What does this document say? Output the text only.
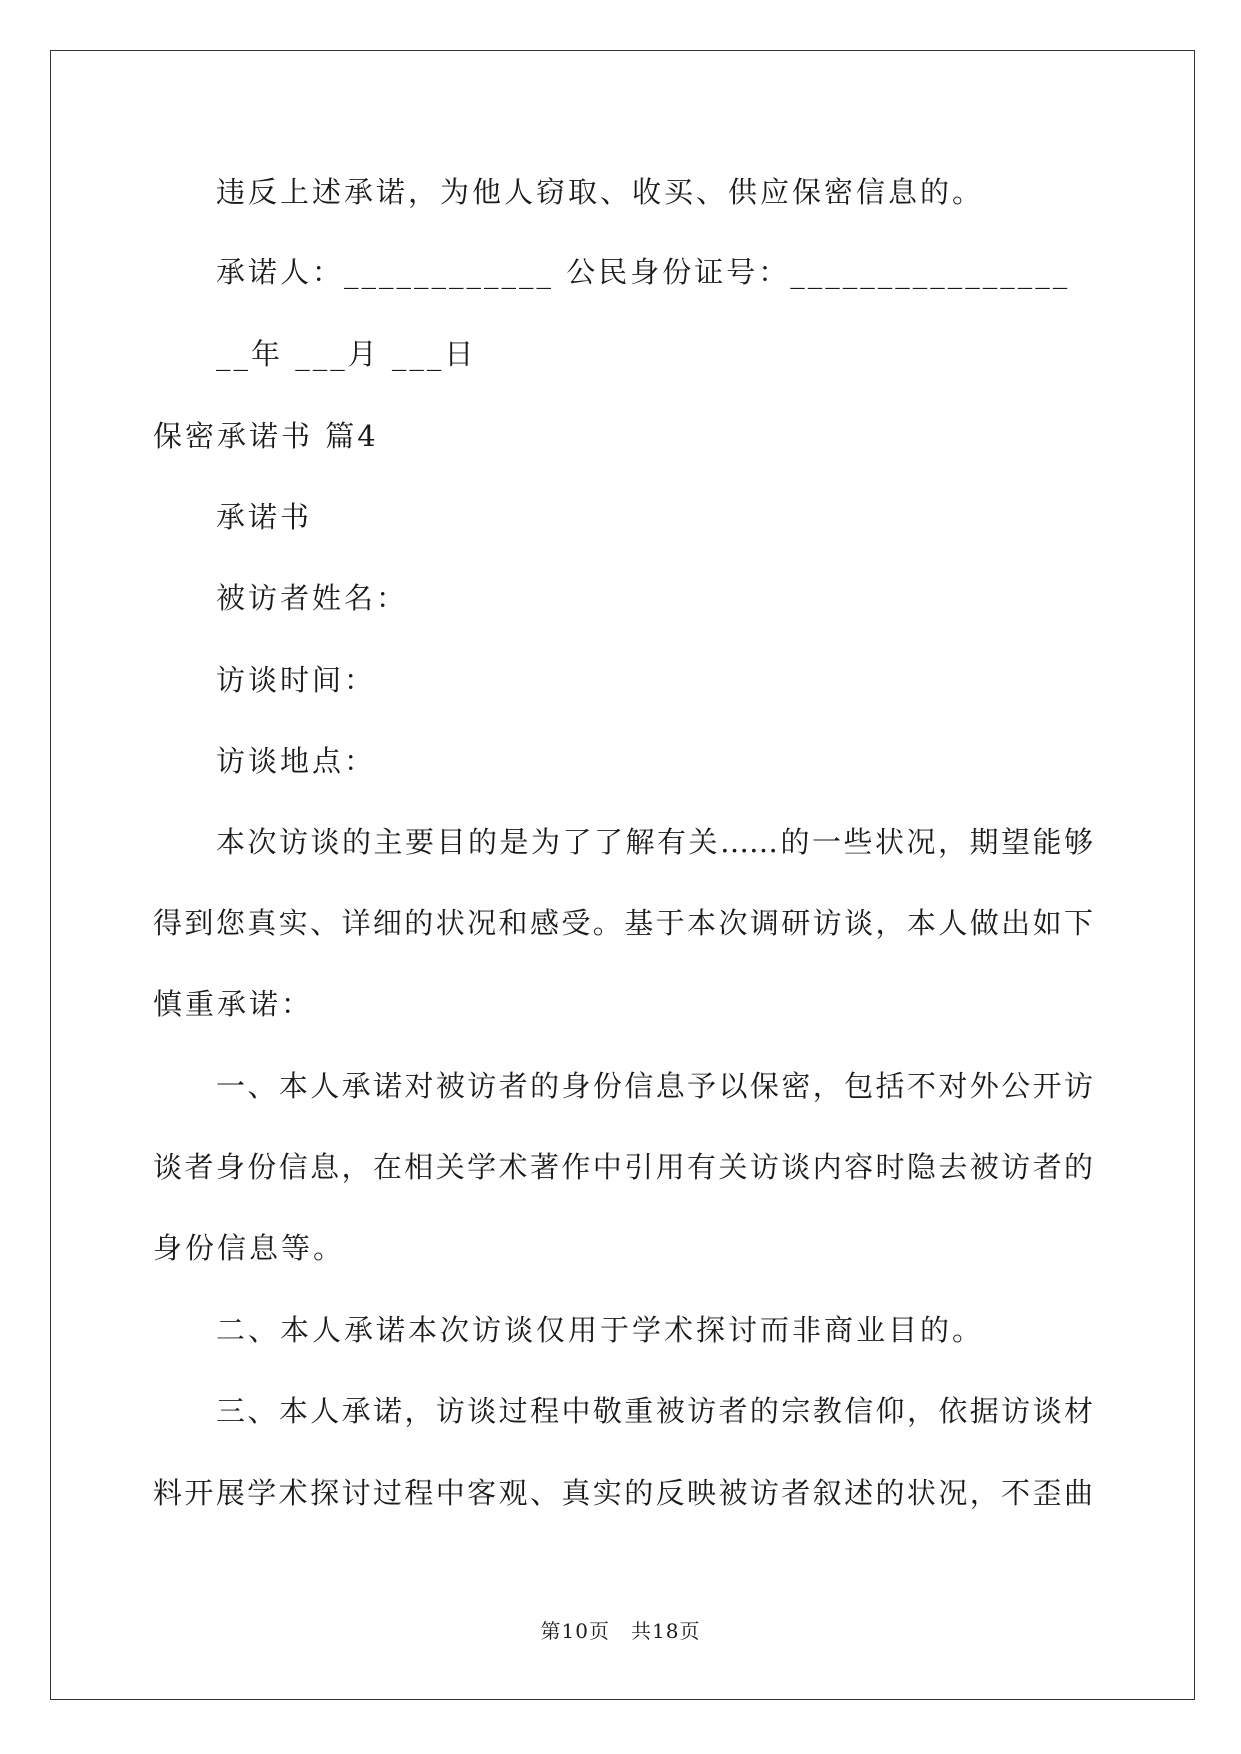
违反上述承诺，为他人窃取、收买、供应保密信息的。
承诺人：____________ 公民身份证号：________________
__年 ___月 ___日
保密承诺书 篇4
承诺书
被访者姓名：
访谈时间：
访谈地点：
本次访谈的主要目的是为了了解有关……的一些状况，期望能够
得到您真实、详细的状况和感受。基于本次调研访谈，本人做出如下
慎重承诺：
一、本人承诺对被访者的身份信息予以保密，包括不对外公开访
谈者身份信息，在相关学术著作中引用有关访谈内容时隐去被访者的
身份信息等。
二、本人承诺本次访谈仅用于学术探讨而非商业目的。
三、本人承诺，访谈过程中敬重被访者的宗教信仰，依据访谈材
料开展学术探讨过程中客观、真实的反映被访者叙述的状况，不歪曲
第10页　共18页
